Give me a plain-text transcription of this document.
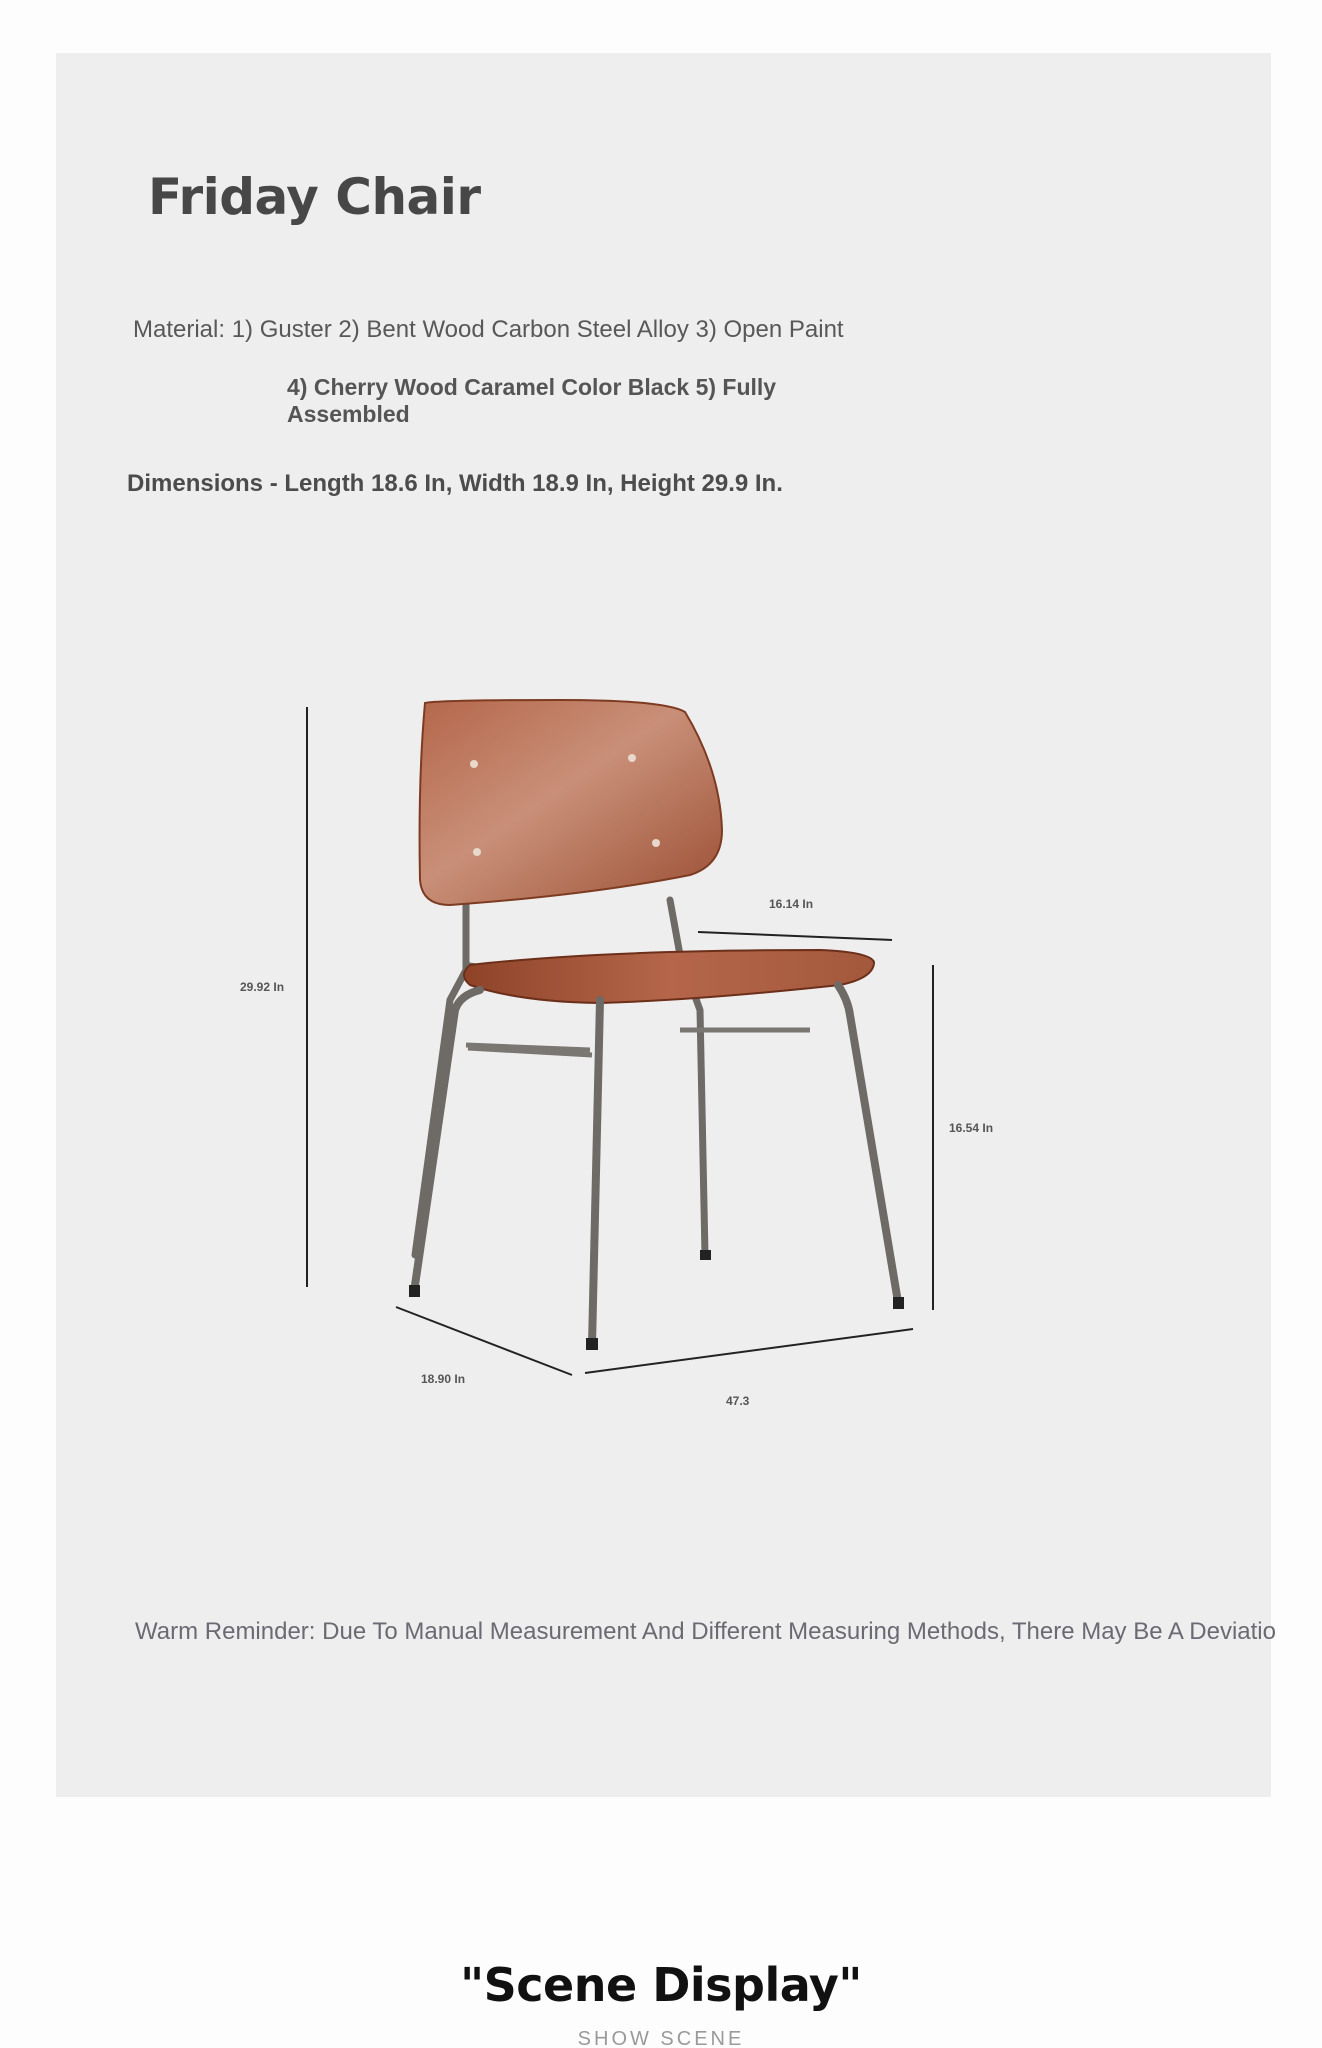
Friday Chair
Material: 1) Guster 2) Bent Wood Carbon Steel Alloy 3) Open Paint
4) Cherry Wood Caramel Color Black 5) Fully Assembled
Dimensions - Length 18.6 In, Width 18.9 In, Height 29.9 In.
29.92 In
16.14 In
16.54 In
18.90 In
47.3
Warm Reminder: Due To Manual Measurement And Different Measuring Methods, There May Be A Deviatio
"Scene Display"
SHOW SCENE
